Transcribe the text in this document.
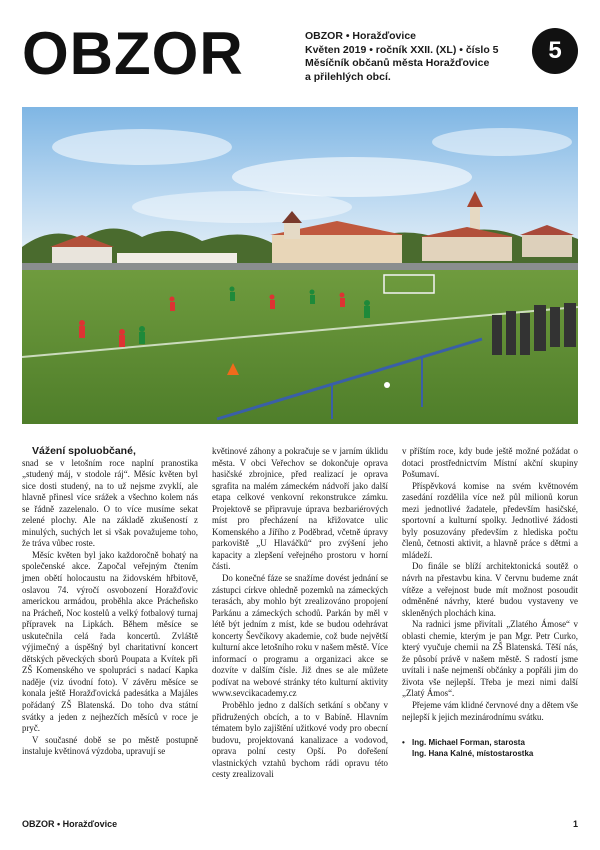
OBZOR	OBZOR • Horažďovice
Květen 2019 • ročník XXII. (XL) • číslo 5
Měsíčník občanů města Horažďovice
a přilehlých obcí.
5

Vážení spoluobčané,

snad se v letošním roce naplní pranostika „studený máj, v stodole ráj“. Měsíc květen byl sice dosti studený, na to už nejsme zvyklí, ale hlavně přinesl více srážek a všechno kolem nás se řádně zazelenalo. O to více musíme sekat zelené plochy. Ale na základě zkušeností z minulých, suchých let si však považujeme toho, že tráva vůbec roste.

Měsíc květen byl jako každoročně bohatý na společenské akce. Započal veřejným čtením jmen obětí holocaustu na židovském hřbitově, oslavou 74. výročí osvobození Horažďovic americkou armádou, proběhla akce Prácheňsko na Prácheň, Noc kostelů a velký fotbalový turnaj přípravek na Lipkách. Během měsíce se uskutečnila celá řada koncertů. Zvláště výjimečný a úspěšný byl charitativní koncert dětských pěveckých sborů Poupata a Kvítek při ZŠ Komenského ve spolupráci s nadací Kapka naděje (viz úvodní foto). V závěru měsíce se konala ještě Horažďovická padesátka a Majáles pořádaný ZŠ Blatenská. Do toho dva státní svátky a jeden z nejhezčích měsíců v roce je pryč.

V současné době se po městě postupně instaluje květinová výzdoba, upravují se

květinové záhony a pokračuje se v jarním úklidu města. V obci Veřechov se dokončuje oprava hasičské zbrojnice, před realizací je oprava sgrafita na malém zámeckém nádvoří jako další etapa celkové venkovní rekonstrukce zámku. Projektově se připravuje úprava bezbariérových míst pro přecházení na křižovatce ulic Komenského a Jiřího z Poděbrad, včetně úpravy parkoviště „U Hlaváčků“ pro zvýšení jeho kapacity a zlepšení veřejného prostoru v horní části.

Do konečné fáze se snažíme dovést jednání se zástupci církve ohledně pozemků na zámeckých terasách, aby mohlo být zrealizováno propojení Parkánu a zámeckých schodů. Parkán by měl v létě být jedním z míst, kde se budou odehrávat koncerty Ševčíkovy akademie, což bude největší kulturní akce letošního roku v našem městě. Více informací o programu a organizaci akce se dozvíte v dalším čísle. Již dnes se ale můžete podívat na webové stránky této kulturní aktivity www.sevcikacademy.cz

Proběhlo jedno z dalších setkání s občany v přidružených obcích, a to v Babíně. Hlavním tématem bylo zajištění užitkové vody pro obecní budovu, projektovaná kanalizace a vodovod, oprava polní cesty Opší. Po dořešení vlastnických vztahů bychom rádi opravu této cesty zrealizovali

v příštím roce, kdy bude ještě možné požádat o dotaci prostřednictvím Místní akční skupiny Pošumaví.

Příspěvková komise na svém květnovém zasedání rozdělila více než půl milionů korun mezi jednotlivé žadatele, především hasičské, sportovní a kulturní spolky. Jednotlivé žádosti byly posuzovány především z hlediska počtu členů, četnosti aktivit, a hlavně práce s dětmi a mládeží.

Do finále se blíží architektonická soutěž o návrh na přestavbu kina. V červnu budeme znát vítěze a veřejnost bude mít možnost posoudit odměněné návrhy, které budou vystaveny ve skleněných plochách kina.

Na radnici jsme přivítali „Zlatého Ámose“ v oblasti chemie, kterým je pan Mgr. Petr Curko, který vyučuje chemii na ZŠ Blatenská. Těší nás, že působí právě v našem městě. S radostí jsme uvítali i naše nejmenší občánky a popřáli jim do života vše nejlepší. Třeba je mezi nimi další „Zlatý Ámos“.

Přejeme vám klidné červnové dny a dětem vše nejlepší k jejich mezinárodnímu svátku.

• Ing. Michael Forman, starosta
Ing. Hana Kalné, místostarostka
OBZOR • Horažďovice	1
